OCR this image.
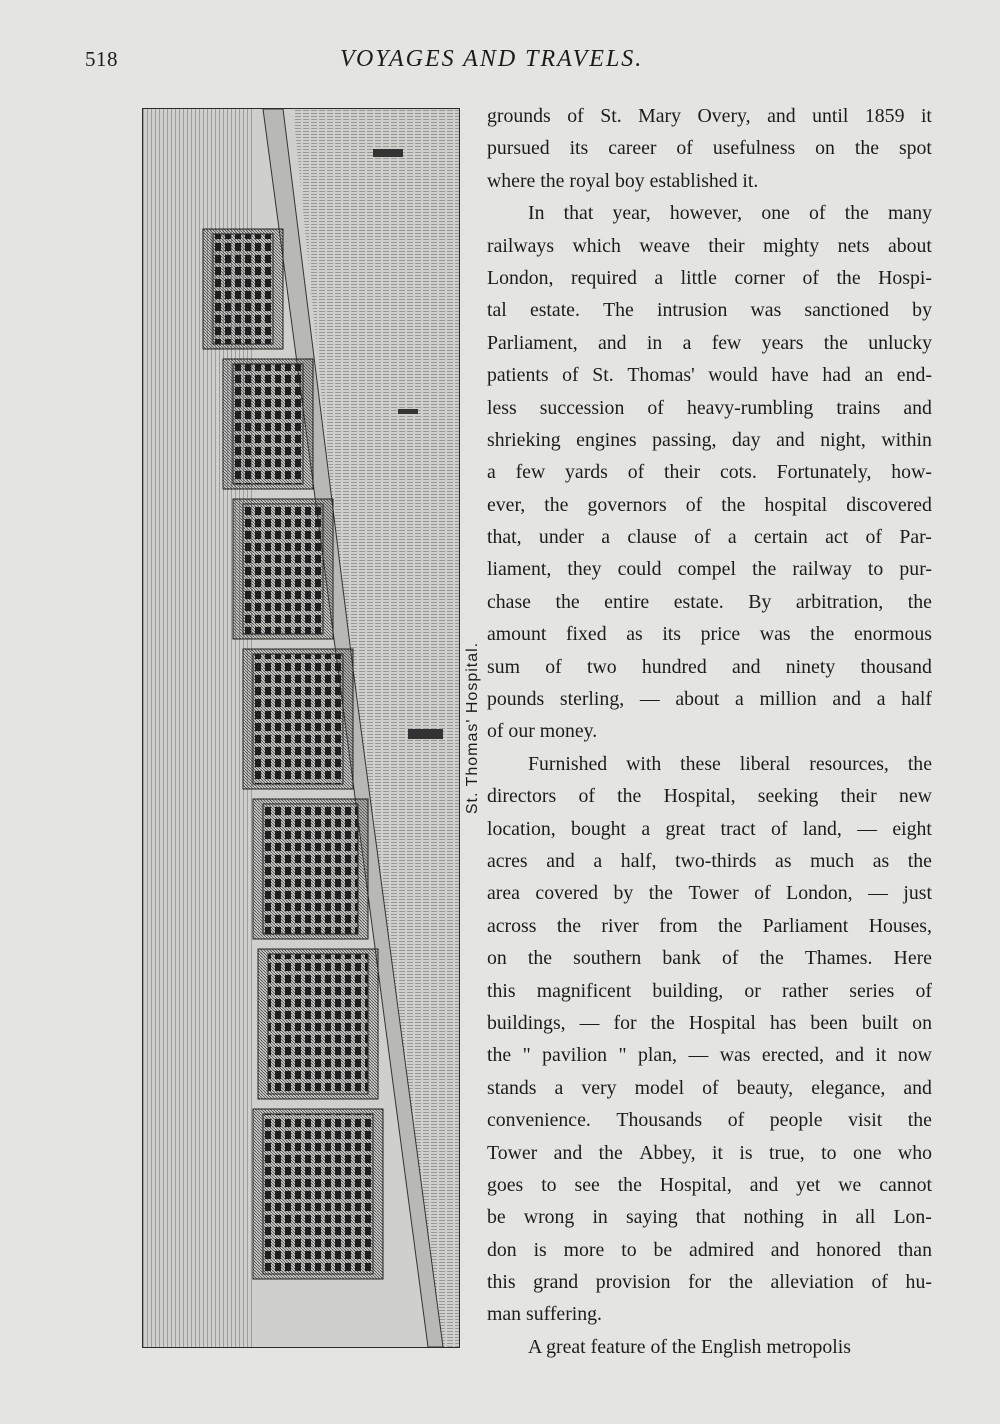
518	VOYAGES AND TRAVELS.
St. Thomas' Hospital.
grounds of St. Mary Overy, and until 1859 it
pursued its career of usefulness on the spot
where the royal boy established it.
In that year, however, one of the many
railways which weave their mighty nets about
London, required a little corner of the Hospi-
tal estate. The intrusion was sanctioned by
Parliament, and in a few years the unlucky
patients of St. Thomas' would have had an end-
less succession of heavy-rumbling trains and
shrieking engines passing, day and night, within
a few yards of their cots. Fortunately, how-
ever, the governors of the hospital discovered
that, under a clause of a certain act of Par-
liament, they could compel the railway to pur-
chase the entire estate. By arbitration, the
amount fixed as its price was the enormous
sum of two hundred and ninety thousand
pounds sterling, — about a million and a half
of our money.
Furnished with these liberal resources, the
directors of the Hospital, seeking their new
location, bought a great tract of land, — eight
acres and a half, two-thirds as much as the
area covered by the Tower of London, — just
across the river from the Parliament Houses,
on the southern bank of the Thames. Here
this magnificent building, or rather series of
buildings, — for the Hospital has been built on
the " pavilion " plan, — was erected, and it now
stands a very model of beauty, elegance, and
convenience. Thousands of people visit the
Tower and the Abbey, it is true, to one who
goes to see the Hospital, and yet we cannot
be wrong in saying that nothing in all Lon-
don is more to be admired and honored than
this grand provision for the alleviation of hu-
man suffering.
A great feature of the English metropolis
